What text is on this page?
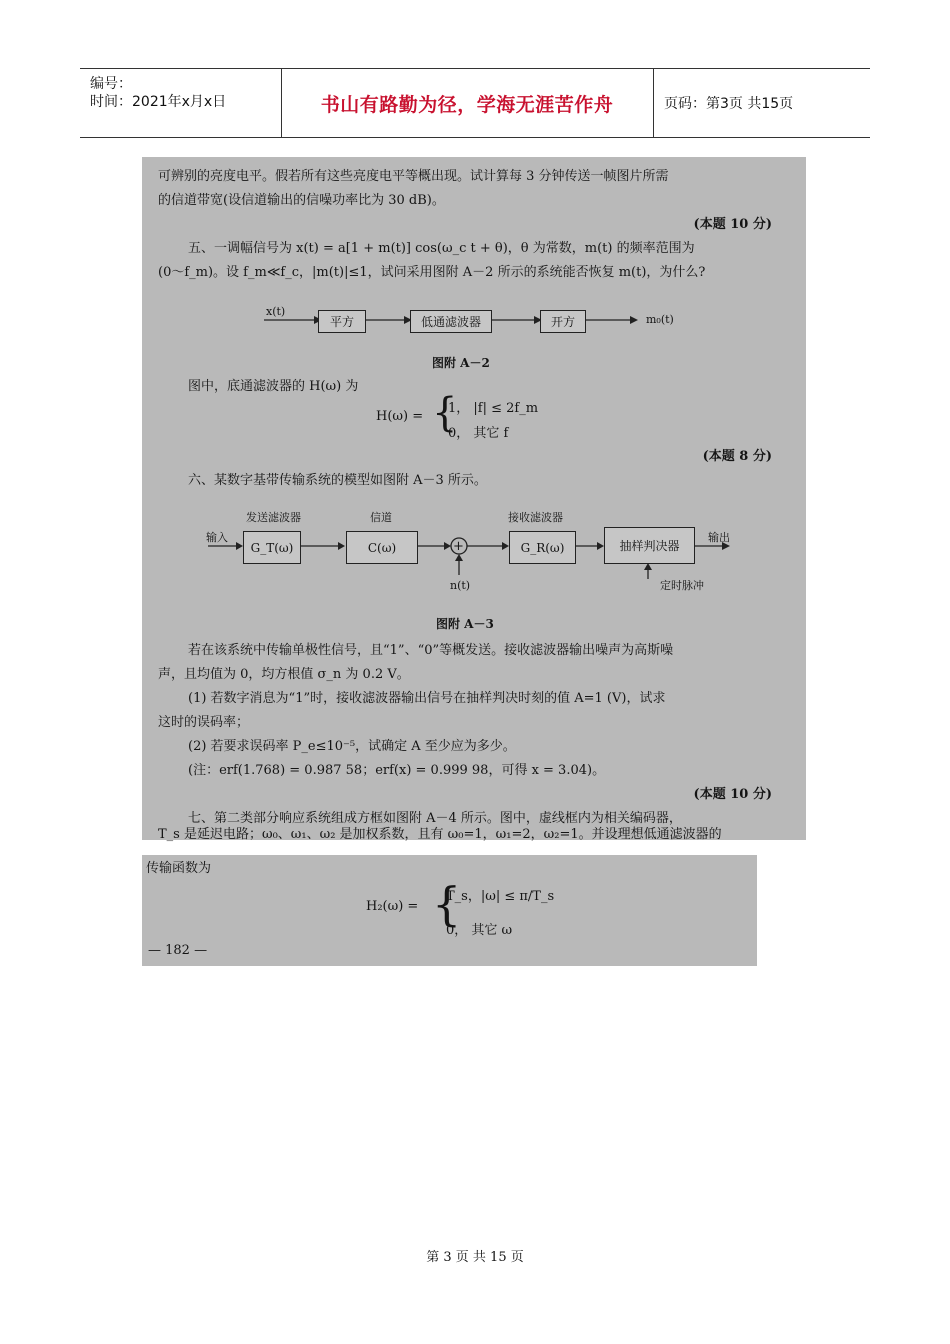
编号：
时间：2021年x月x日	书山有路勤为径，学海无涯苦作舟	页码：第3页 共15页
可辨别的亮度电平。假若所有这些亮度电平等概出现。试计算每 3 分钟传送一帧图片所需
的信道带宽(设信道输出的信噪功率比为 30 dB)。
(本题 10 分)
五、一调幅信号为 x(t) = a[1 + m(t)] cos(ω_c t + θ)，θ 为常数，m(t) 的频率范围为
(0～f_m)。设 f_m≪f_c，|m(t)|≤1，试问采用图附 A－2 所示的系统能否恢复 m(t)，为什么?
x(t)
平方	低通滤波器	开方	m₀(t)
图附 A－2
图中，底通滤波器的 H(ω) 为
H(ω) = {
1， |f| ≤ 2f_m
0， 其它 f
(本题 8 分)
六、某数字基带传输系统的模型如图附 A－3 所示。
发送滤波器	信道	接收滤波器
输入
G_T(ω)	C(ω)	+
n(t)
G_R(ω)	抽样判决器
输出
定时脉冲
图附 A－3
若在该系统中传输单极性信号，且“1”、“0”等概发送。接收滤波器输出噪声为高斯噪
声，且均值为 0，均方根值 σ_n 为 0.2 V。
(1) 若数字消息为“1”时，接收滤波器输出信号在抽样判决时刻的值 A=1 (V)，试求
这时的误码率；
(2) 若要求误码率 P_e≤10⁻⁵，试确定 A 至少应为多少。
(注：erf(1.768) = 0.987 58；erf(x) = 0.999 98，可得 x = 3.04)。
(本题 10 分)
七、第二类部分响应系统组成方框如图附 A－4 所示。图中，虚线框内为相关编码器，
T_s 是延迟电路；ω₀、ω₁、ω₂ 是加权系数，且有 ω₀=1，ω₁=2，ω₂=1。并设理想低通滤波器的
传输函数为
H₂(ω) = {
T_s，|ω| ≤ π/T_s
0， 其它 ω
— 182 —
第 3 页 共 15 页
